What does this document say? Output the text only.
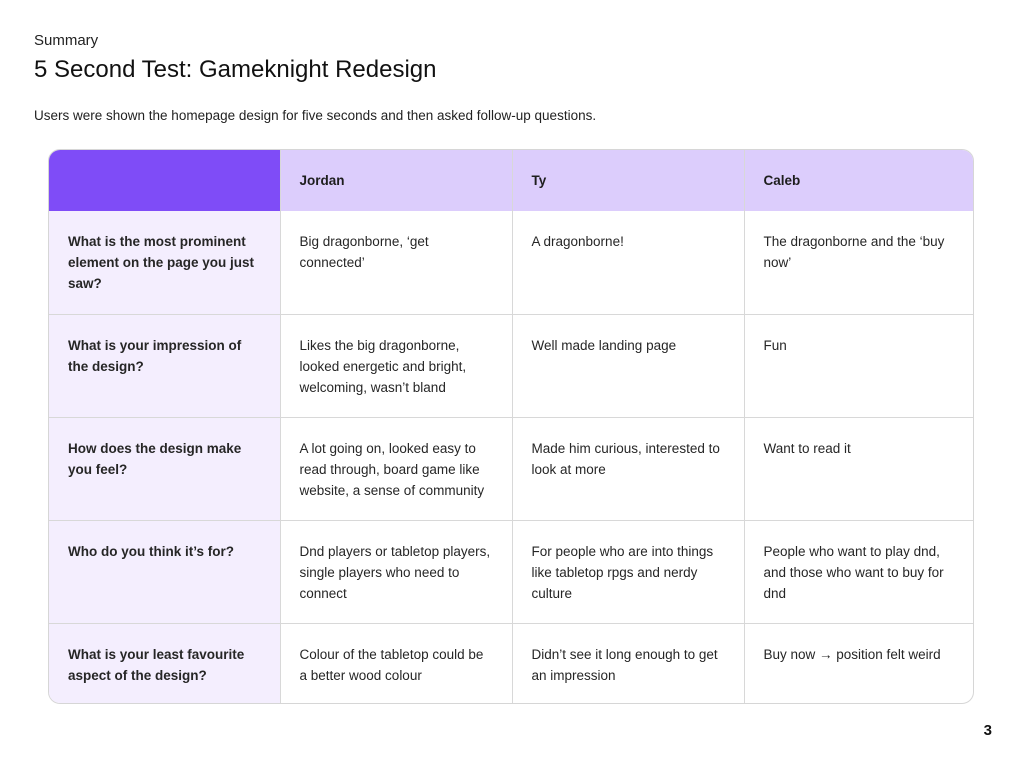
Summary
5 Second Test: Gameknight Redesign

Users were shown the homepage design for five seconds and then asked follow-up questions.

	Jordan	Ty	Caleb
What is the most prominent element on the page you just saw?	Big dragonborne, ‘get connected’	A dragonborne!	The dragonborne and the ‘buy now’
What is your impression of the design?	Likes the big dragonborne, looked energetic and bright, welcoming, wasn’t bland	Well made landing page	Fun
How does the design make you feel?	A lot going on, looked easy to read through, board game like website, a sense of community	Made him curious, interested to look at more	Want to read it
Who do you think it’s for?	Dnd players or tabletop players, single players who need to connect	For people who are into things like tabletop rpgs and nerdy culture	People who want to play dnd, and those who want to buy for dnd
What is your least favourite aspect of the design?	Colour of the tabletop could be a better wood colour	Didn’t see it long enough to get an impression	Buy now → position felt weird
3
